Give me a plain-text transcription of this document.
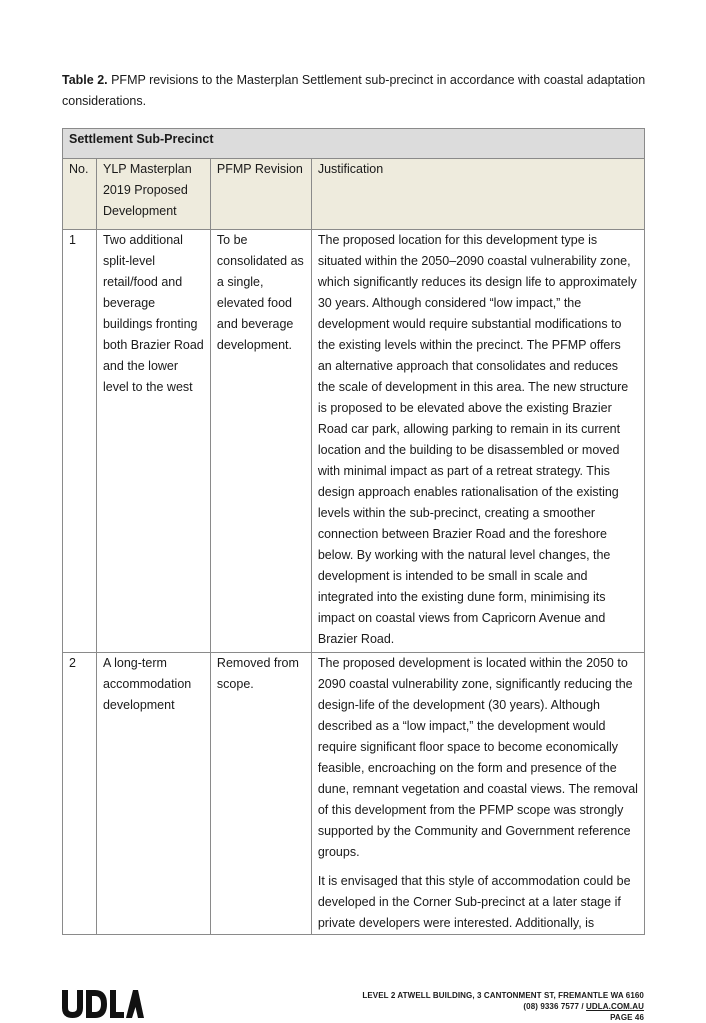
Table 2. PFMP revisions to the Masterplan Settlement sub-precinct in accordance with coastal adaptation considerations.
Settlement Sub-Precinct			
No.	YLP Masterplan 2019 Proposed Development	PFMP Revision	Justification
1	Two additional split-level retail/food and beverage buildings fronting both Brazier Road and the lower level to the west	To be consolidated as a single, elevated food and beverage development.	The proposed location for this development type is situated within the 2050–2090 coastal vulnerability zone, which significantly reduces its design life to approximately 30 years. Although considered “low impact,” the development would require substantial modifications to the existing levels within the precinct. The PFMP offers an alternative approach that consolidates and reduces the scale of development in this area. The new structure is proposed to be elevated above the existing Brazier Road car park, allowing parking to remain in its current location and the building to be disassembled or moved with minimal impact as part of a retreat strategy. This design approach enables rationalisation of the existing levels within the sub-precinct, creating a smoother connection between Brazier Road and the foreshore below. By working with the natural level changes, the development is intended to be small in scale and integrated into the existing dune form, minimising its impact on coastal views from Capricorn Avenue and Brazier Road.

2	A long-term accommodation development	Removed from scope.	The proposed development is located within the 2050 to 2090 coastal vulnerability zone, significantly reducing the design-life of the development (30 years). Although described as a “low impact,” the development would require significant floor space to become economically feasible, encroaching on the form and presence of the dune, remnant vegetation and coastal views. The removal of this development from the PFMP scope was strongly supported by the Community and Government reference groups.

It is envisaged that this style of accommodation could be developed in the Corner Sub-precinct at a later stage if private developers were interested. Additionally, is

LEVEL 2 ATWELL BUILDING, 3 CANTONMENT ST, FREMANTLE WA 6160
(08) 9336 7577 / UDLA.COM.AU
PAGE 46
